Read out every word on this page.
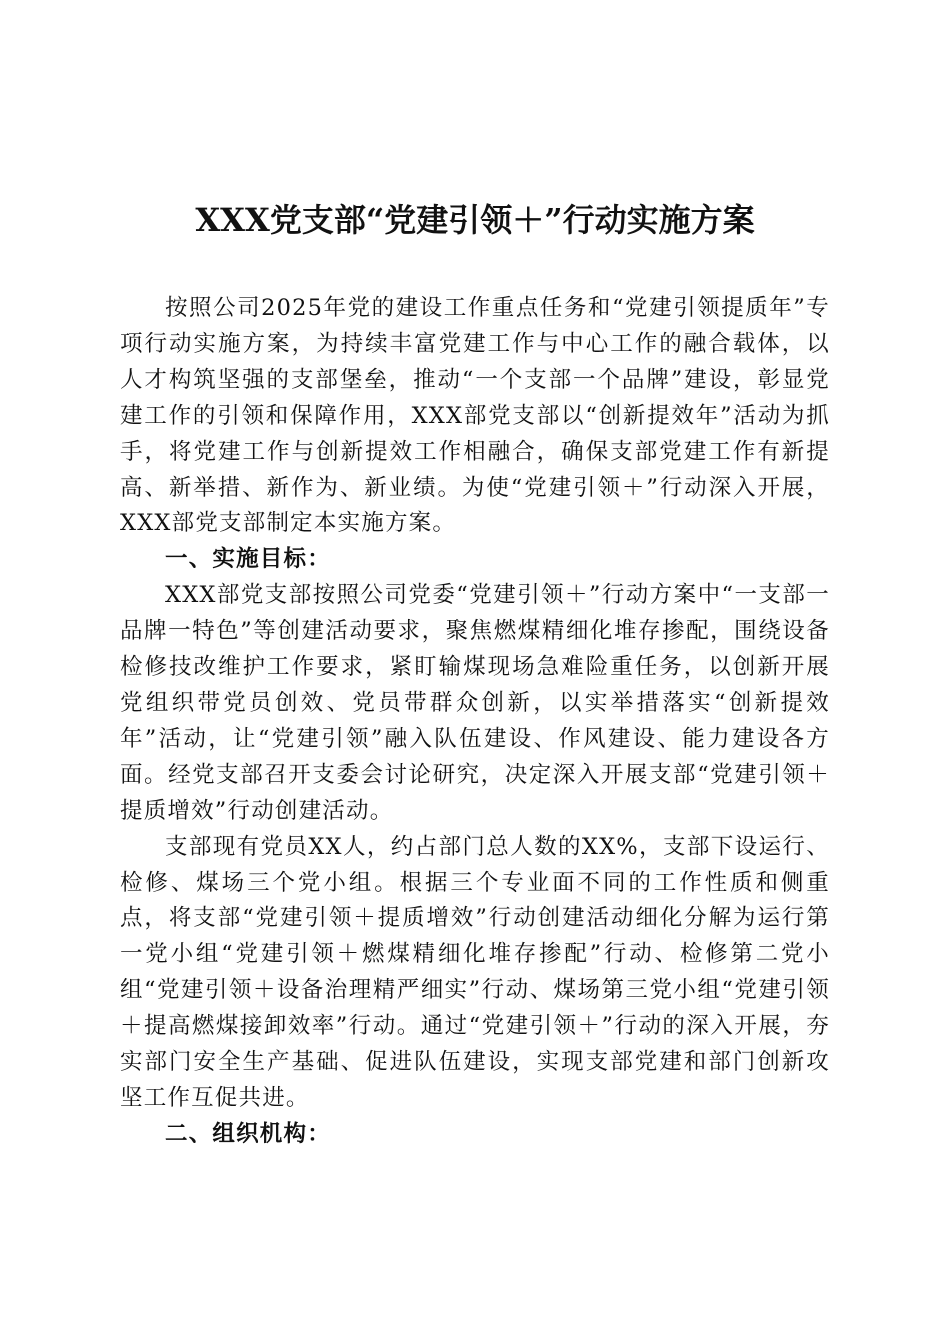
XXX党支部“党建引领＋”行动实施方案

按照公司2025年党的建设工作重点任务和“党建引领提质年”专项行动实施方案，为持续丰富党建工作与中心工作的融合载体，以人才构筑坚强的支部堡垒，推动“一个支部一个品牌”建设，彰显党建工作的引领和保障作用，XXX部党支部以“创新提效年”活动为抓手，将党建工作与创新提效工作相融合，确保支部党建工作有新提高、新举措、新作为、新业绩。为使“党建引领＋”行动深入开展，XXX部党支部制定本实施方案。

一、实施目标：

XXX部党支部按照公司党委“党建引领＋”行动方案中“一支部一品牌一特色”等创建活动要求，聚焦燃煤精细化堆存掺配，围绕设备检修技改维护工作要求，紧盯输煤现场急难险重任务，以创新开展党组织带党员创效、党员带群众创新，以实举措落实“创新提效年”活动，让“党建引领”融入队伍建设、作风建设、能力建设各方面。经党支部召开支委会讨论研究，决定深入开展支部“党建引领＋提质增效”行动创建活动。

支部现有党员XX人，约占部门总人数的XX%，支部下设运行、检修、煤场三个党小组。根据三个专业面不同的工作性质和侧重点，将支部“党建引领＋提质增效”行动创建活动细化分解为运行第一党小组“党建引领＋燃煤精细化堆存掺配”行动、检修第二党小组“党建引领＋设备治理精严细实”行动、煤场第三党小组“党建引领＋提高燃煤接卸效率”行动。通过“党建引领＋”行动的深入开展，夯实部门安全生产基础、促进队伍建设，实现支部党建和部门创新攻坚工作互促共进。

二、组织机构：
